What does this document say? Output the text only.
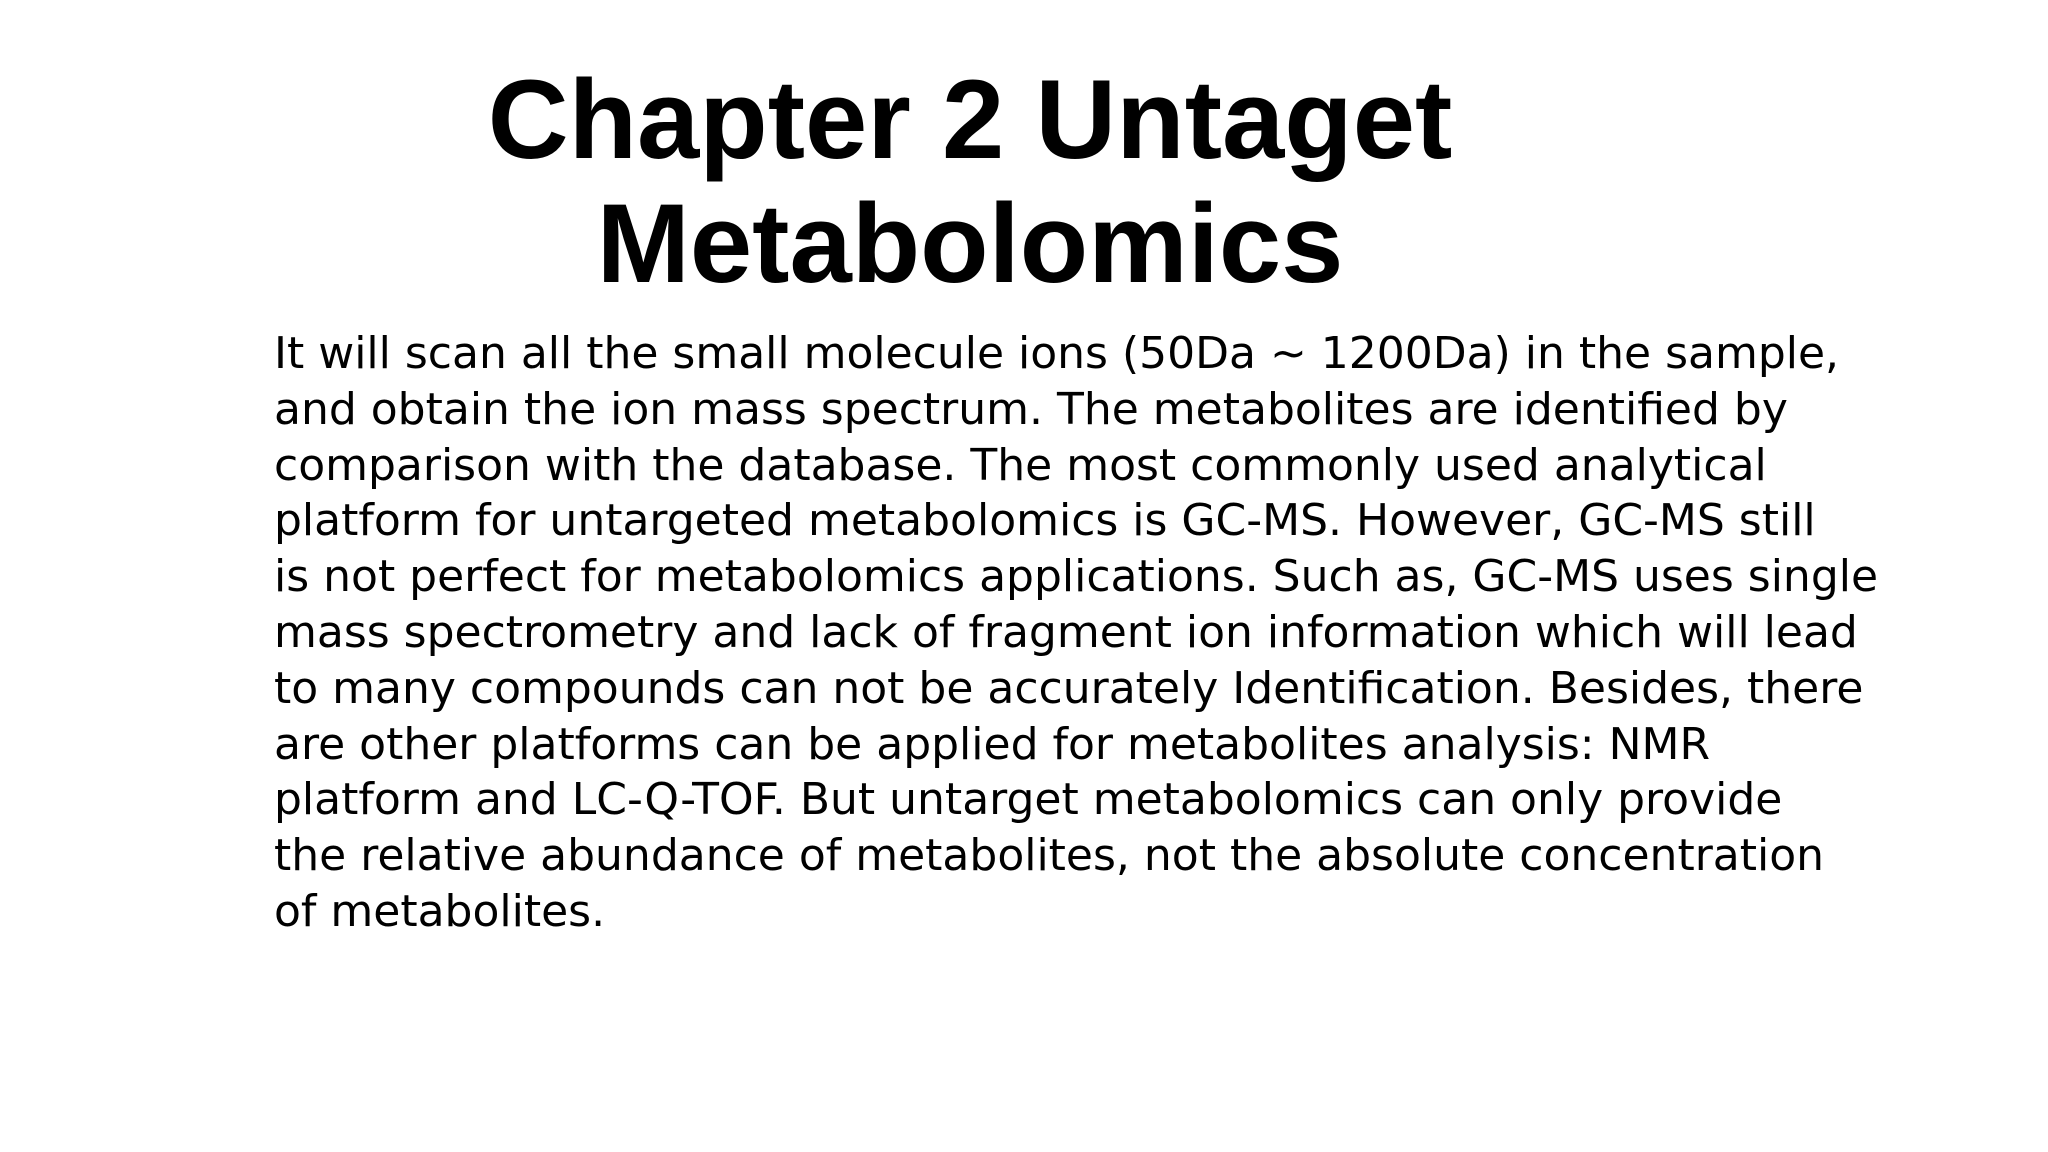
Chapter 2 Untaget
Metabolomics
It will scan all the small molecule ions (50Da ~ 1200Da) in the sample,
and obtain the ion mass spectrum. The metabolites are identified by
comparison with the database. The most commonly used analytical
platform for untargeted metabolomics is GC-MS. However, GC-MS still
is not perfect for metabolomics applications. Such as, GC-MS uses single
mass spectrometry and lack of fragment ion information which will lead
to many compounds can not be accurately Identification. Besides, there
are other platforms can be applied for metabolites analysis: NMR
platform and LC-Q-TOF. But untarget metabolomics can only provide
the relative abundance of metabolites, not the absolute concentration
of metabolites.
